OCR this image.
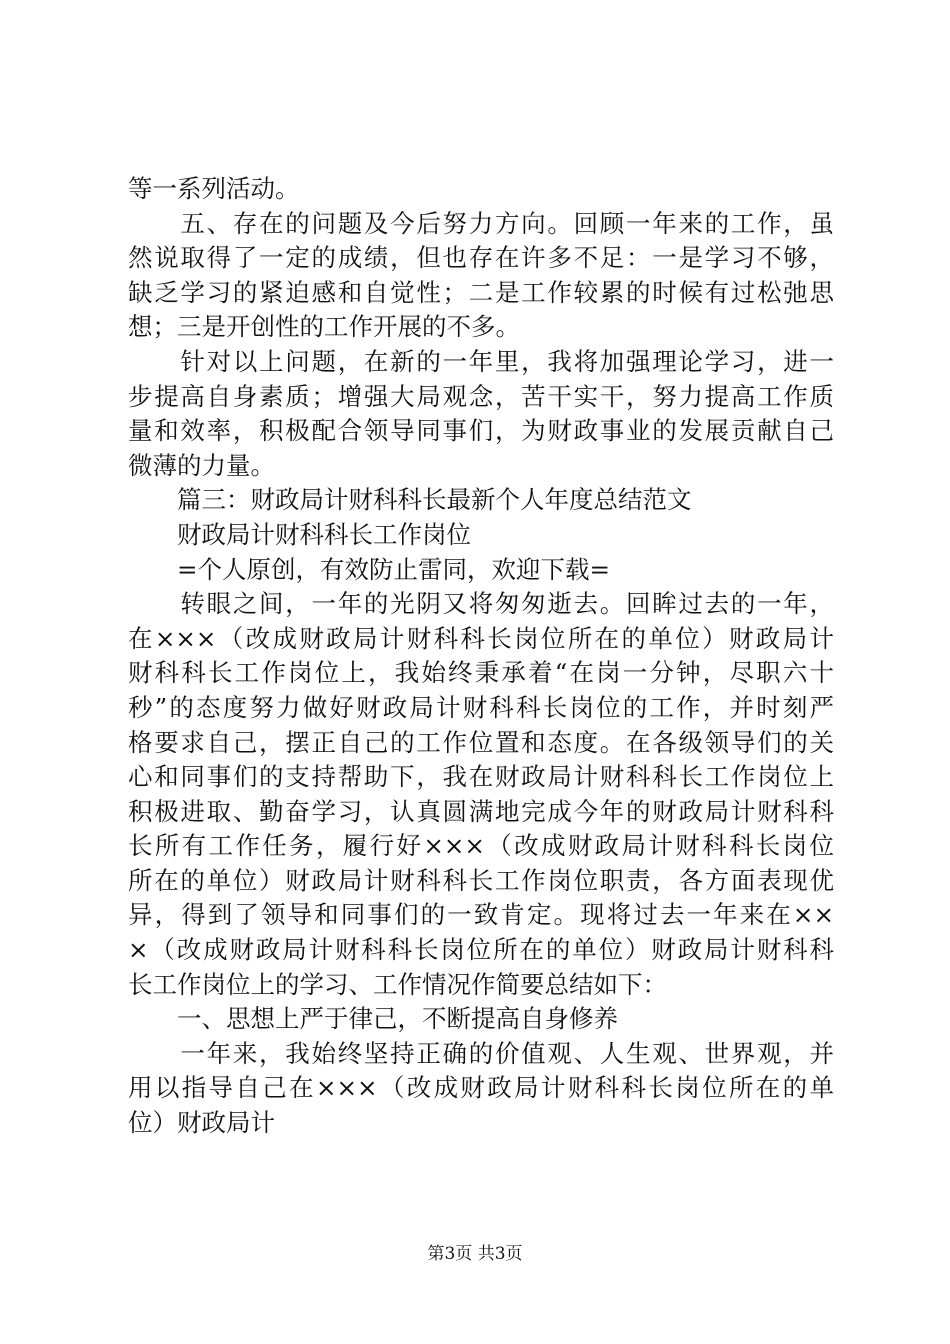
等一系列活动。
　　五、存在的问题及今后努力方向。回顾一年来的工作，虽
然说取得了一定的成绩，但也存在许多不足：一是学习不够，
缺乏学习的紧迫感和自觉性；二是工作较累的时候有过松弛思
想；三是开创性的工作开展的不多。
　　针对以上问题，在新的一年里，我将加强理论学习，进一
步提高自身素质；增强大局观念，苦干实干，努力提高工作质
量和效率，积极配合领导同事们，为财政事业的发展贡献自己
微薄的力量。
　　篇三：财政局计财科科长最新个人年度总结范文
　　财政局计财科科长工作岗位
　　=个人原创，有效防止雷同，欢迎下载=
　　转眼之间，一年的光阴又将匆匆逝去。回眸过去的一年，
在×××（改成财政局计财科科长岗位所在的单位）财政局计
财科科长工作岗位上，我始终秉承着“在岗一分钟，尽职六十
秒”的态度努力做好财政局计财科科长岗位的工作，并时刻严
格要求自己，摆正自己的工作位置和态度。在各级领导们的关
心和同事们的支持帮助下，我在财政局计财科科长工作岗位上
积极进取、勤奋学习，认真圆满地完成今年的财政局计财科科
长所有工作任务，履行好×××（改成财政局计财科科长岗位
所在的单位）财政局计财科科长工作岗位职责，各方面表现优
异，得到了领导和同事们的一致肯定。现将过去一年来在××
×（改成财政局计财科科长岗位所在的单位）财政局计财科科
长工作岗位上的学习、工作情况作简要总结如下：
　　一、思想上严于律己，不断提高自身修养
　　一年来，我始终坚持正确的价值观、人生观、世界观，并
用以指导自己在×××（改成财政局计财科科长岗位所在的单
位）财政局计
第3页 共3页
